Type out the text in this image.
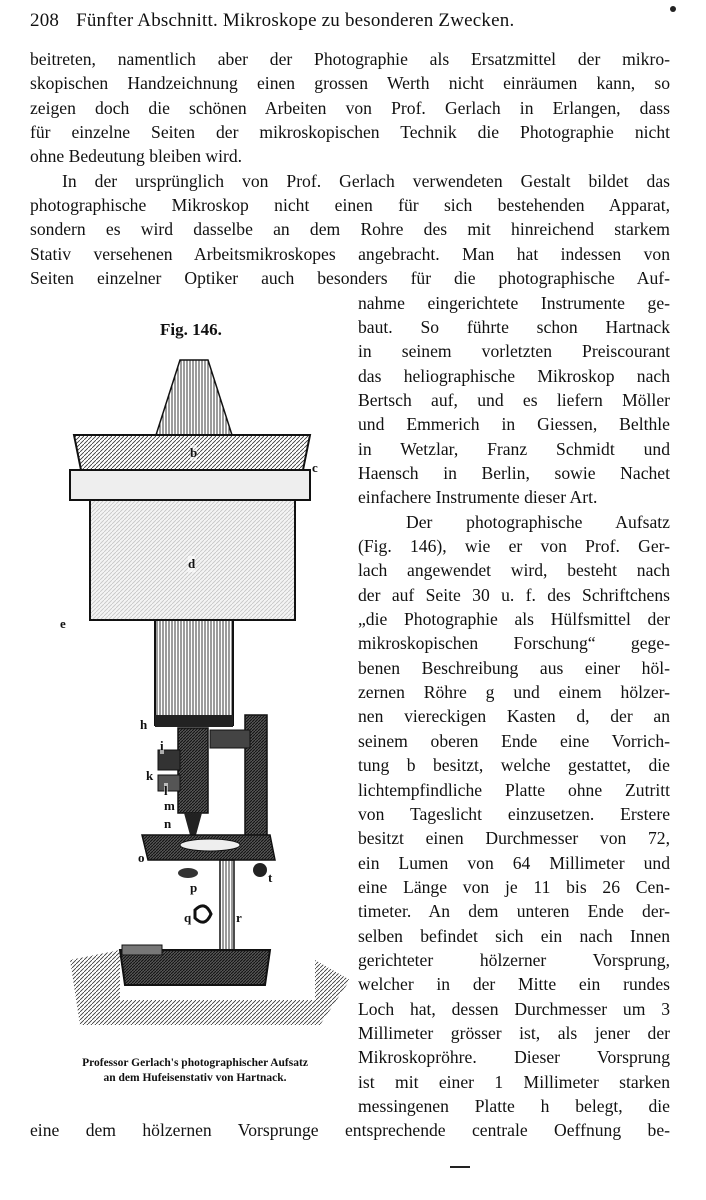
208 Fünfter Abschnitt. Mikroskope zu besonderen Zwecken.
beitreten, namentlich aber der Photographie als Ersatzmittel der mikro-
skopischen Handzeichnung einen grossen Werth nicht einräumen kann, so
zeigen doch die schönen Arbeiten von Prof. Gerlach in Erlangen, dass
für einzelne Seiten der mikroskopischen Technik die Photographie nicht
ohne Bedeutung bleiben wird.
In der ursprünglich von Prof. Gerlach verwendeten Gestalt bildet das
photographische Mikroskop nicht einen für sich bestehenden Apparat,
sondern es wird dasselbe an dem Rohre des mit hinreichend starkem
Stativ versehenen Arbeitsmikroskopes angebracht. Man hat indessen von
Seiten einzelner Optiker auch besonders für die photographische Auf-
nahme eingerichtete Instrumente ge-
baut. So führte schon Hartnack
in seinem vorletzten Preiscourant
das heliographische Mikroskop nach
Bertsch auf, und es liefern Möller
und Emmerich in Giessen, Belthle
in Wetzlar, Franz Schmidt und
Haensch in Berlin, sowie Nachet
einfachere Instrumente dieser Art.
Der photographische Aufsatz
(Fig. 146), wie er von Prof. Ger-
lach angewendet wird, besteht nach
der auf Seite 30 u. f. des Schriftchens
„die Photographie als Hülfsmittel der
mikroskopischen Forschung“ gege-
benen Beschreibung aus einer höl-
zernen Röhre g und einem hölzer-
nen viereckigen Kasten d, der an
seinem oberen Ende eine Vorrich-
tung b besitzt, welche gestattet, die
lichtempfindliche Platte ohne Zutritt
von Tageslicht einzusetzen. Erstere
besitzt einen Durchmesser von 72,
ein Lumen von 64 Millimeter und
eine Länge von je 11 bis 26 Cen-
timeter. An dem unteren Ende der-
selben befindet sich ein nach Innen
gerichteter hölzerner Vorsprung,
welcher in der Mitte ein rundes
Loch hat, dessen Durchmesser um 3
Millimeter grösser ist, als jener der
Mikroskopröhre. Dieser Vorsprung
ist mit einer 1 Millimeter starken
messingenen Platte h belegt, die
eine dem hölzernen Vorsprunge entsprechende centrale Oeffnung be-
Fig. 146.
b
c
d
e
h
i
k
l
m
n
o
p
q	r
t
Professor Gerlach's photographischer Aufsatz
an dem Hufeisenstativ von Hartnack.
